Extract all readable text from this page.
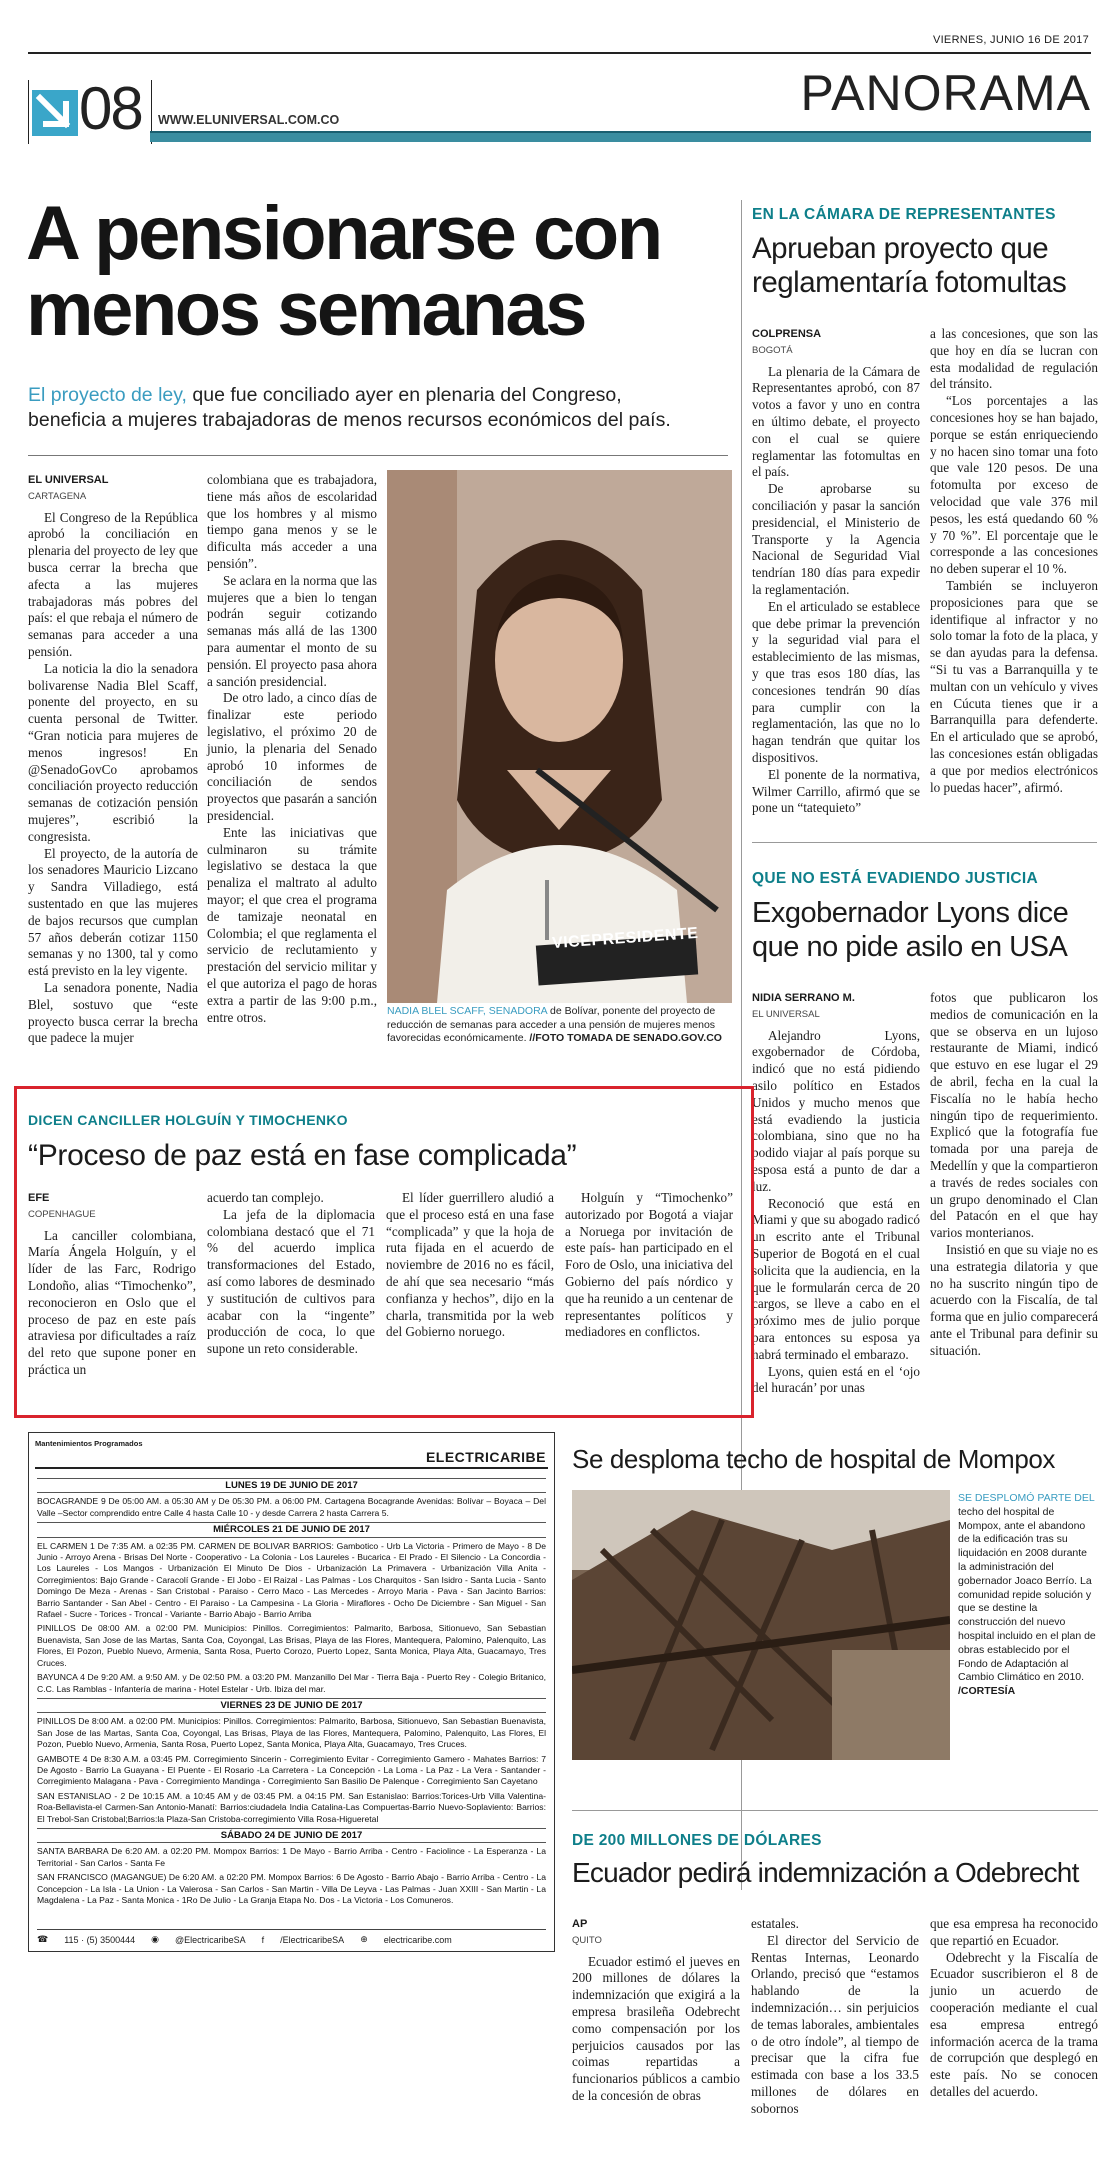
VIERNES, JUNIO 16 DE 2017
08 WWW.ELUNIVERSAL.COM.CO	PANORAMA
A pensionarse con
menos semanas
El proyecto de ley, que fue conciliado ayer en plenaria del Congreso,
beneficia a mujeres trabajadoras de menos recursos económicos del país.
EL UNIVERSAL
CARTAGENA

El Congreso de la República aprobó la conciliación en plenaria del proyecto de ley que busca cerrar la brecha que afecta a las mujeres trabajadoras más pobres del país: el que rebaja el número de semanas para acceder a una pensión.

La noticia la dio la senadora bolivarense Nadia Blel Scaff, ponente del proyecto, en su cuenta personal de Twitter. “Gran noticia para mujeres de menos ingresos! En @SenadoGovCo aprobamos conciliación proyecto reducción semanas de cotización pensión mujeres”, escribió la congresista.

El proyecto, de la autoría de los senadores Mauricio Lizcano y Sandra Villadiego, está sustentado en que las mujeres de bajos recursos que cumplan 57 años deberán cotizar 1150 semanas y no 1300, tal y como está previsto en la ley vigente.

La senadora ponente, Nadia Blel, sostuvo que “este proyecto busca cerrar la brecha que padece la mujer

colombiana que es trabajadora, tiene más años de escolaridad que los hombres y al mismo tiempo gana menos y se le dificulta más acceder a una pensión”.

Se aclara en la norma que las mujeres que a bien lo tengan podrán seguir cotizando semanas más allá de las 1300 para aumentar el monto de su pensión. El proyecto pasa ahora a sanción presidencial.

De otro lado, a cinco días de finalizar este periodo legislativo, el próximo 20 de junio, la plenaria del Senado aprobó 10 informes de conciliación de sendos proyectos que pasarán a sanción presidencial.

Ente las iniciativas que culminaron su trámite legislativo se destaca la que penaliza el maltrato al adulto mayor; el que crea el programa de tamizaje neonatal en Colombia; el que reglamenta el servicio de reclutamiento y prestación del servicio militar y el que autoriza el pago de horas extra a partir de las 9:00 p.m., entre otros.

VICEPRESIDENTE
NADIA BLEL SCAFF, SENADORA de Bolívar, ponente del proyecto de reducción de semanas para acceder a una pensión de mujeres menos favorecidas económicamente. //FOTO TOMADA DE SENADO.GOV.CO
EN LA CÁMARA DE REPRESENTANTES
Aprueban proyecto que
reglamentaría fotomultas
COLPRENSA
BOGOTÁ

La plenaria de la Cámara de Representantes aprobó, con 87 votos a favor y uno en contra en último debate, el proyecto con el cual se quiere reglamentar las fotomultas en el país.

De aprobarse su conciliación y pasar la sanción presidencial, el Ministerio de Transporte y la Agencia Nacional de Seguridad Vial tendrían 180 días para expedir la reglamentación.

En el articulado se establece que debe primar la prevención y la seguridad vial para el establecimiento de las mismas, y que tras esos 180 días, las concesiones tendrán 90 días para cumplir con la reglamentación, las que no lo hagan tendrán que quitar los dispositivos.

El ponente de la normativa, Wilmer Carrillo, afirmó que se pone un “tatequieto”

a las concesiones, que son las que hoy en día se lucran con esta modalidad de regulación del tránsito.

“Los porcentajes a las concesiones hoy se han bajado, porque se están enriqueciendo y no hacen sino tomar una foto que vale 120 pesos. De una fotomulta por exceso de velocidad que vale 376 mil pesos, les está quedando 60 % y 70 %”. El porcentaje que le corresponde a las concesiones no deben superar el 10 %.

También se incluyeron proposiciones para que se identifique al infractor y no solo tomar la foto de la placa, y se dan ayudas para la defensa. “Si tu vas a Barranquilla y te multan con un vehículo y vives en Cúcuta tienes que ir a Barranquilla para defenderte. En el articulado que se aprobó, las concesiones están obligadas a que por medios electrónicos lo puedas hacer”, afirmó.

QUE NO ESTÁ EVADIENDO JUSTICIA
Exgobernador Lyons dice
que no pide asilo en USA
NIDIA SERRANO M.
EL UNIVERSAL

Alejandro Lyons, exgobernador de Córdoba, indicó que no está pidiendo asilo político en Estados Unidos y mucho menos que está evadiendo la justicia colombiana, sino que no ha podido viajar al país porque su esposa está a punto de dar a luz.

Reconoció que está en Miami y que su abogado radicó un escrito ante el Tribunal Superior de Bogotá en el cual solicita que la audiencia, en la que le formularán cerca de 20 cargos, se lleve a cabo en el próximo mes de julio porque para entonces su esposa ya habrá terminado el embarazo.

Lyons, quien está en el ‘ojo del huracán’ por unas

fotos que publicaron los medios de comunicación en la que se observa en un lujoso restaurante de Miami, indicó que estuvo en ese lugar el 29 de abril, fecha en la cual la Fiscalía no le había hecho ningún tipo de requerimiento. Explicó que la fotografía fue tomada por una pareja de Medellín y que la compartieron a través de redes sociales con un grupo denominado el Clan del Patacón en el que hay varios monterianos.

Insistió en que su viaje no es una estrategia dilatoria y que no ha suscrito ningún tipo de acuerdo con la Fiscalía, de tal forma que en julio comparecerá ante el Tribunal para definir su situación.

DICEN CANCILLER HOLGUÍN Y TIMOCHENKO
“Proceso de paz está en fase complicada”
EFE
COPENHAGUE

La canciller colombiana, María Ángela Holguín, y el líder de las Farc, Rodrigo Londoño, alias “Timochenko”, reconocieron en Oslo que el proceso de paz en este país atraviesa por dificultades a raíz del reto que supone poner en práctica un

acuerdo tan complejo.

La jefa de la diplomacia colombiana destacó que el 71 % del acuerdo implica transformaciones del Estado, así como labores de desminado y sustitución de cultivos para acabar con la “ingente” producción de coca, lo que supone un reto considerable.

El líder guerrillero aludió a que el proceso está en una fase “complicada” y que la hoja de ruta fijada en el acuerdo de noviembre de 2016 no es fácil, de ahí que sea necesario “más confianza y hechos”, dijo en la charla, transmitida por la web del Gobierno noruego.

Holguín y “Timochenko” autorizado por Bogotá a viajar a Noruega por invitación de este país- han participado en el Foro de Oslo, una iniciativa del Gobierno del país nórdico y que ha reunido a un centenar de representantes políticos y mediadores en conflictos.

Mantenimientos Programados
ELECTRICARIBE
LUNES 19 DE JUNIO DE 2017

BOCAGRANDE 9 De 05:00 AM. a 05:30 AM y De 05:30 PM. a 06:00 PM. Cartagena Bocagrande Avenidas: Bolívar – Boyaca – Del Valle –Sector comprendido entre Calle 4 hasta Calle 10 - y desde Carrera 2 hasta Carrera 5.

MIÉRCOLES 21 DE JUNIO DE 2017

EL CARMEN 1 De 7:35 AM. a 02:35 PM. CARMEN DE BOLIVAR BARRIOS: Gambotico - Urb La Victoria - Primero de Mayo - 8 De Junio - Arroyo Arena - Brisas Del Norte - Cooperativo - La Colonia - Los Laureles - Bucarica - El Prado - El Silencio - La Concordia - Los Laureles - Los Mangos - Urbanización El Minuto De Dios - Urbanización La Primavera - Urbanización Villa Anita - Corregimientos: Bajo Grande - Caracolí Grande - El Jobo - El Raizal - Las Palmas - Los Charquitos - San Isidro - Santa Lucia - Santo Domingo De Meza - Arenas - San Cristobal - Paraiso - Cerro Maco - Las Mercedes - Arroyo Maria - Pava - San Jacinto Barrios: Barrio Santander - San Abel - Centro - El Paraiso - La Campesina - La Gloria - Miraflores - Ocho De Diciembre - San Miguel - San Rafael - Sucre - Torices - Troncal - Variante - Barrio Abajo - Barrio Arriba

PINILLOS De 08:00 AM. a 02:00 PM. Municipios: Pinillos. Corregimientos: Palmarito, Barbosa, Sitionuevo, San Sebastian Buenavista, San Jose de las Martas, Santa Coa, Coyongal, Las Brisas, Playa de las Flores, Mantequera, Palomino, Palenquito, Las Flores, El Pozon, Pueblo Nuevo, Armenia, Santa Rosa, Puerto Corozo, Puerto Lopez, Santa Monica, Playa Alta, Guacamayo, Tres Cruces.

BAYUNCA 4 De 9:20 AM. a 9:50 AM. y De 02:50 PM. a 03:20 PM. Manzanillo Del Mar - Tierra Baja - Puerto Rey - Colegio Britanico, C.C. Las Ramblas - Infantería de marina - Hotel Estelar - Urb. Ibiza del mar.

VIERNES 23 DE JUNIO DE 2017

PINILLOS De 8:00 AM. a 02:00 PM. Municipios: Pinillos. Corregimientos: Palmarito, Barbosa, Sitionuevo, San Sebastian Buenavista, San Jose de las Martas, Santa Coa, Coyongal, Las Brisas, Playa de las Flores, Mantequera, Palomino, Palenquito, Las Flores, El Pozon, Pueblo Nuevo, Armenia, Santa Rosa, Puerto Lopez, Santa Monica, Playa Alta, Guacamayo, Tres Cruces.

GAMBOTE 4 De 8:30 A.M. a 03:45 PM. Corregimiento Sincerin - Corregimiento Evitar - Corregimiento Gamero - Mahates Barrios: 7 De Agosto - Barrio La Guayana - El Puente - El Rosario -La Carretera - La Concepción - La Loma - La Paz - La Vera - Santander - Corregimiento Malagana - Pava - Corregimiento Mandinga - Corregimiento San Basilio De Palenque - Corregimiento San Cayetano

SAN ESTANISLAO - 2 De 10:15 AM. a 10:45 AM y de 03:45 PM. a 04:15 PM. San Estanislao: Barrios:Torices-Urb Villa Valentina-Roa-Bellavista-el Carmen-San Antonio-Manatí: Barrios:ciudadela India Catalina-Las Compuertas-Barrio Nuevo-Soplaviento: Barrios: El Trebol-San Cristobal;Barrios:la Plaza-San Cristoba-corregimiento Villa Rosa-Higueretal

SÁBADO 24 DE JUNIO DE 2017

SANTA BARBARA De 6:20 AM. a 02:20 PM. Mompox Barrios: 1 De Mayo - Barrio Arriba - Centro - Faciolince - La Esperanza - La Territorial - San Carlos - Santa Fe

SAN FRANCISCO (MAGANGUE) De 6:20 AM. a 02:20 PM. Mompox Barrios: 6 De Agosto - Barrio Abajo - Barrio Arriba - Centro - La Concepcion - La Isla - La Union - La Valerosa - San Carlos - San Martin - Villa De Leyva - Las Palmas - Juan XXIII - San Martin - La Magdalena - La Paz - Santa Monica - 1Ro De Julio - La Granja Etapa No. Dos - La Victoria - Los Comuneros.

☎ 115 · (5) 3500444 ◉ @ElectricaribeSA f /ElectricaribeSA ⊕ electricaribe.com
Se desploma techo de hospital de Mompox
SE DESPLOMÓ PARTE DEL techo del hospital de Mompox, ante el abandono de la edificación tras su liquidación en 2008 durante la administración del gobernador Joaco Berrío. La comunidad repide solución y que se destine la construcción del nuevo hospital incluido en el plan de obras establecido por el Fondo de Adaptación al Cambio Climático en 2010. /CORTESÍA
DE 200 MILLONES DE DÓLARES
Ecuador pedirá indemnización a Odebrecht
AP
QUITO

Ecuador estimó el jueves en 200 millones de dólares la indemnización que exigirá a la empresa brasileña Odebrecht como compensación por los perjuicios causados por las coimas repartidas a funcionarios públicos a cambio de la concesión de obras

estatales.

El director del Servicio de Rentas Internas, Leonardo Orlando, precisó que “estamos hablando de la indemnización… sin perjuicios de temas laborales, ambientales o de otro índole”, al tiempo de precisar que la cifra fue estimada con base a los 33.5 millones de dólares en sobornos

que esa empresa ha reconocido que repartió en Ecuador.

Odebrecht y la Fiscalía de Ecuador suscribieron el 8 de junio un acuerdo de cooperación mediante el cual esa empresa entregó información acerca de la trama de corrupción que desplegó en este país. No se conocen detalles del acuerdo.
